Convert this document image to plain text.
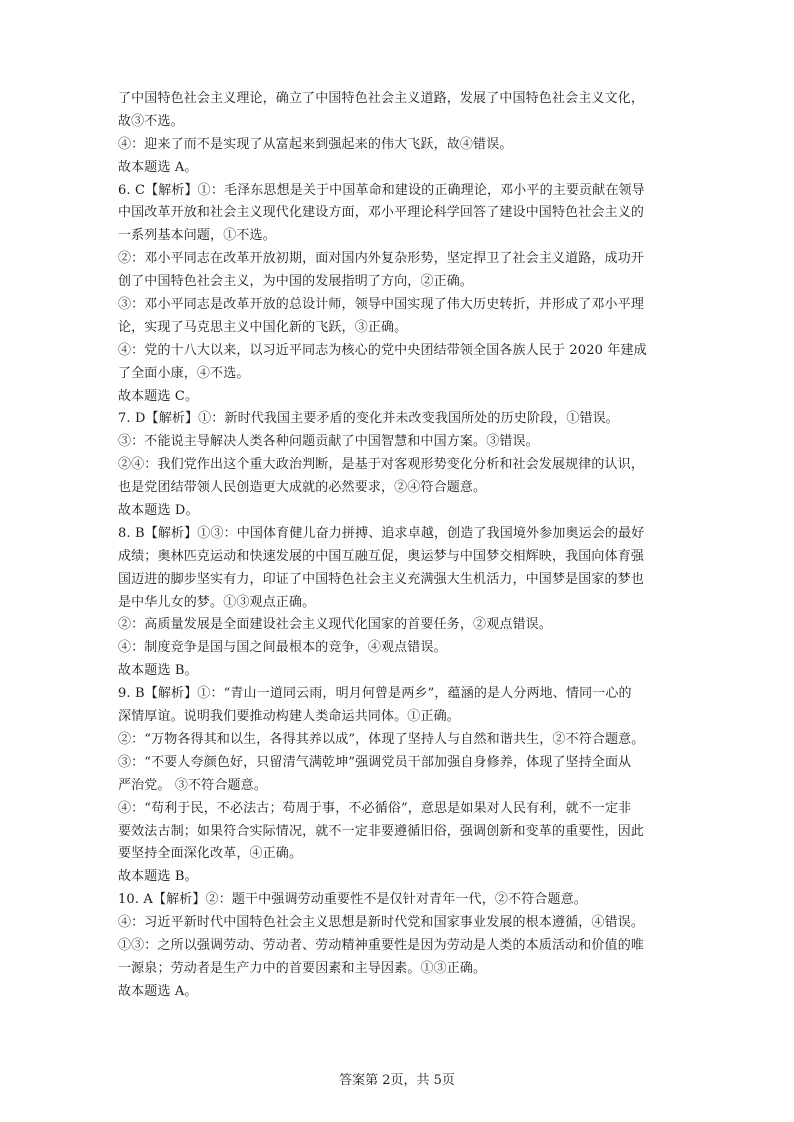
了中国特色社会主义理论，确立了中国特色社会主义道路，发展了中国特色社会主义文化，
故③不选。
④：迎来了而不是实现了从富起来到强起来的伟大飞跃，故④错误。
故本题选 A。
6. C【解析】①：毛泽东思想是关于中国革命和建设的正确理论，邓小平的主要贡献在领导
中国改革开放和社会主义现代化建设方面，邓小平理论科学回答了建设中国特色社会主义的
一系列基本问题，①不选。
②：邓小平同志在改革开放初期，面对国内外复杂形势，坚定捍卫了社会主义道路，成功开
创了中国特色社会主义，为中国的发展指明了方向，②正确。
③：邓小平同志是改革开放的总设计师，领导中国实现了伟大历史转折，并形成了邓小平理
论，实现了马克思主义中国化新的飞跃，③正确。
④：党的十八大以来，以习近平同志为核心的党中央团结带领全国各族人民于 2020 年建成
了全面小康，④不选。
故本题选 C。
7. D【解析】①：新时代我国主要矛盾的变化并未改变我国所处的历史阶段，①错误。
③：不能说主导解决人类各种问题贡献了中国智慧和中国方案。③错误。
②④：我们党作出这个重大政治判断，是基于对客观形势变化分析和社会发展规律的认识，
也是党团结带领人民创造更大成就的必然要求，②④符合题意。
故本题选 D。
8. B【解析】①③：中国体育健儿奋力拼搏、追求卓越，创造了我国境外参加奥运会的最好
成绩；奥林匹克运动和快速发展的中国互融互促，奥运梦与中国梦交相辉映，我国向体育强
国迈进的脚步坚实有力，印证了中国特色社会主义充满强大生机活力，中国梦是国家的梦也
是中华儿女的梦。①③观点正确。
②：高质量发展是全面建设社会主义现代化国家的首要任务，②观点错误。
④：制度竞争是国与国之间最根本的竞争，④观点错误。
故本题选 B。
9. B【解析】①：“青山一道同云雨，明月何曾是两乡”，蕴涵的是人分两地、情同一心的
深情厚谊。说明我们要推动构建人类命运共同体。①正确。
②：“万物各得其和以生，各得其养以成”，体现了坚持人与自然和谐共生，②不符合题意。
③：“不要人夸颜色好，只留清气满乾坤”强调党员干部加强自身修养，体现了坚持全面从
严治党。 ③不符合题意。
④：“苟利于民，不必法古；苟周于事，不必循俗”，意思是如果对人民有利，就不一定非
要效法古制；如果符合实际情况，就不一定非要遵循旧俗，强调创新和变革的重要性，因此
要坚持全面深化改革，④正确。
故本题选 B。
10. A【解析】②：题干中强调劳动重要性不是仅针对青年一代，②不符合题意。
④：习近平新时代中国特色社会主义思想是新时代党和国家事业发展的根本遵循，④错误。
①③：之所以强调劳动、劳动者、劳动精神重要性是因为劳动是人类的本质活动和价值的唯
一源泉；劳动者是生产力中的首要因素和主导因素。①③正确。
故本题选 A。
答案第 2页，共 5页
